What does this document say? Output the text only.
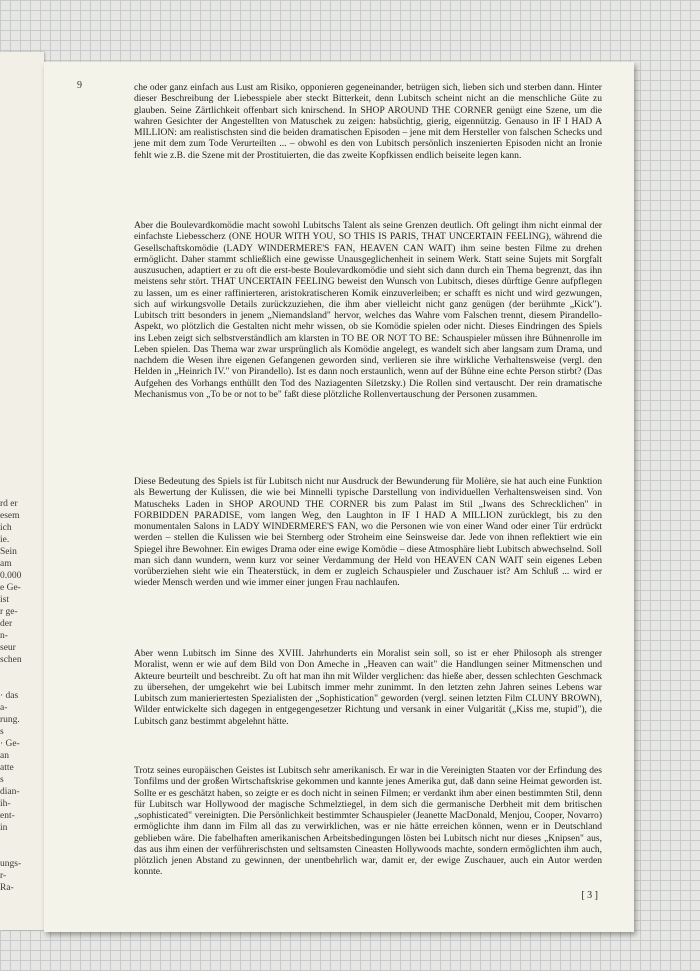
rd er
esem
ich
ie.
Sein
am
0.000
e Ge-
ist
r ge-
der
n-
seur
schen
· das
a-
rung.
s
· Ge-
an
atte
s
dian-
ih-
ent-
in
ungs-
r-
Ra-
9	che oder ganz einfach aus Lust am Risiko, opponieren gegeneinander, betrügen sich, lieben sich und sterben dann. Hinter dieser Beschreibung der Liebesspiele aber steckt Bitterkeit, denn Lubitsch scheint nicht an die menschliche Güte zu glauben. Seine Zärtlichkeit offenbart sich knirschend. In SHOP AROUND THE CORNER genügt eine Szene, um die wahren Gesichter der Angestellten von Matuschek zu zeigen: habsüchtig, gierig, eigennützig. Genauso in IF I HAD A MILLION: am realistischsten sind die beiden dramatischen Episoden – jene mit dem Hersteller von falschen Schecks und jene mit dem zum Tode Verurteilten ... – obwohl es den von Lubitsch persönlich inszenierten Episoden nicht an Ironie fehlt wie z.B. die Szene mit der Prostituierten, die das zweite Kopfkissen endlich beiseite legen kann.

Aber die Boulevardkomödie macht sowohl Lubitschs Talent als seine Grenzen deutlich. Oft gelingt ihm nicht einmal der einfachste Liebesscherz (ONE HOUR WITH YOU, SO THIS IS PARIS, THAT UNCERTAIN FEELING), während die Gesellschaftskomödie (LADY WINDERMERE'S FAN, HEAVEN CAN WAIT) ihm seine besten Filme zu drehen ermöglicht. Daher stammt schließlich eine gewisse Unausgeglichenheit in seinem Werk. Statt seine Sujets mit Sorgfalt auszusuchen, adaptiert er zu oft die erst-beste Boulevardkomödie und sieht sich dann durch ein Thema begrenzt, das ihn meistens sehr stört. THAT UNCERTAIN FEELING beweist den Wunsch von Lubitsch, dieses dürftige Genre aufpflegen zu lassen, um es einer raffinierteren, aristokratischeren Komik einzuverleiben; er schafft es nicht und wird gezwungen, sich auf wirkungsvolle Details zurückzuziehen, die ihm aber vielleicht nicht ganz genügen (der berühmte „Kick"). Lubitsch tritt besonders in jenem „Niemandsland" hervor, welches das Wahre vom Falschen trennt, diesem Pirandello-Aspekt, wo plötzlich die Gestalten nicht mehr wissen, ob sie Komödie spielen oder nicht. Dieses Eindringen des Spiels ins Leben zeigt sich selbstverständlich am klarsten in TO BE OR NOT TO BE: Schauspieler müssen ihre Bühnenrolle im Leben spielen. Das Thema war zwar ursprünglich als Komödie angelegt, es wandelt sich aber langsam zum Drama, und nachdem die Wesen ihre eigenen Gefangenen geworden sind, verlieren sie ihre wirkliche Verhaltensweise (vergl. den Helden in „Heinrich IV." von Pirandello). Ist es dann noch erstaunlich, wenn auf der Bühne eine echte Person stirbt? (Das Aufgehen des Vorhangs enthüllt den Tod des Naziagenten Siletzsky.) Die Rollen sind vertauscht. Der rein dramatische Mechanismus von „To be or not to be" faßt diese plötzliche Rollenvertauschung der Personen zusammen.

Diese Bedeutung des Spiels ist für Lubitsch nicht nur Ausdruck der Bewunderung für Molière, sie hat auch eine Funktion als Bewertung der Kulissen, die wie bei Minnelli typische Darstellung von individuellen Verhaltensweisen sind. Von Matuscheks Laden in SHOP AROUND THE CORNER bis zum Palast im Stil „Iwans des Schrecklichen" in FORBIDDEN PARADISE, vom langen Weg, den Laughton in IF I HAD A MILLION zurücklegt, bis zu den monumentalen Salons in LADY WINDERMERE'S FAN, wo die Personen wie von einer Wand oder einer Tür erdrückt werden – stellen die Kulissen wie bei Sternberg oder Stroheim eine Seinsweise dar. Jede von ihnen reflektiert wie ein Spiegel ihre Bewohner. Ein ewiges Drama oder eine ewige Komödie – diese Atmosphäre liebt Lubitsch abwechselnd. Soll man sich dann wundern, wenn kurz vor seiner Verdammung der Held von HEAVEN CAN WAIT sein eigenes Leben vorüberziehen sieht wie ein Theaterstück, in dem er zugleich Schauspieler und Zuschauer ist? Am Schluß ... wird er wieder Mensch werden und wie immer einer jungen Frau nachlaufen.

Aber wenn Lubitsch im Sinne des XVIII. Jahrhunderts ein Moralist sein soll, so ist er eher Philosoph als strenger Moralist, wenn er wie auf dem Bild von Don Ameche in „Heaven can wait" die Handlungen seiner Mitmenschen und Akteure beurteilt und beschreibt. Zu oft hat man ihn mit Wilder verglichen: das hieße aber, dessen schlechten Geschmack zu übersehen, der umgekehrt wie bei Lubitsch immer mehr zunimmt. In den letzten zehn Jahren seines Lebens war Lubitsch zum manieriertesten Spezialisten der „Sophistication" geworden (vergl. seinen letzten Film CLUNY BROWN), Wilder entwickelte sich dagegen in entgegengesetzer Richtung und versank in einer Vulgarität („Kiss me, stupid"), die Lubitsch ganz bestimmt abgelehnt hätte.

Trotz seines europäischen Geistes ist Lubitsch sehr amerikanisch. Er war in die Vereinigten Staaten vor der Erfindung des Tonfilms und der großen Wirtschaftskrise gekommen und kannte jenes Amerika gut, daß dann seine Heimat geworden ist. Sollte er es geschätzt haben, so zeigte er es doch nicht in seinen Filmen; er verdankt ihm aber einen bestimmten Stil, denn für Lubitsch war Hollywood der magische Schmelztiegel, in dem sich die germanische Derbheit mit dem britischen „sophisticated" vereinigten. Die Persönlichkeit bestimmter Schauspieler (Jeanette MacDonald, Menjou, Cooper, Novarro) ermöglichte ihm dann im Film all das zu verwirklichen, was er nie hätte erreichen können, wenn er in Deutschland geblieben wäre. Die fabelhaften amerikanischen Arbeitsbedingungen lösten bei Lubitsch nicht nur dieses „Knipsen" aus, das aus ihm einen der verführerischsten und seltsamsten Cineasten Hollywoods machte, sondern ermöglichten ihm auch, plötzlich jenen Abstand zu gewinnen, der unentbehrlich war, damit er, der ewige Zuschauer, auch ein Autor werden konnte.

[ 3 ]
